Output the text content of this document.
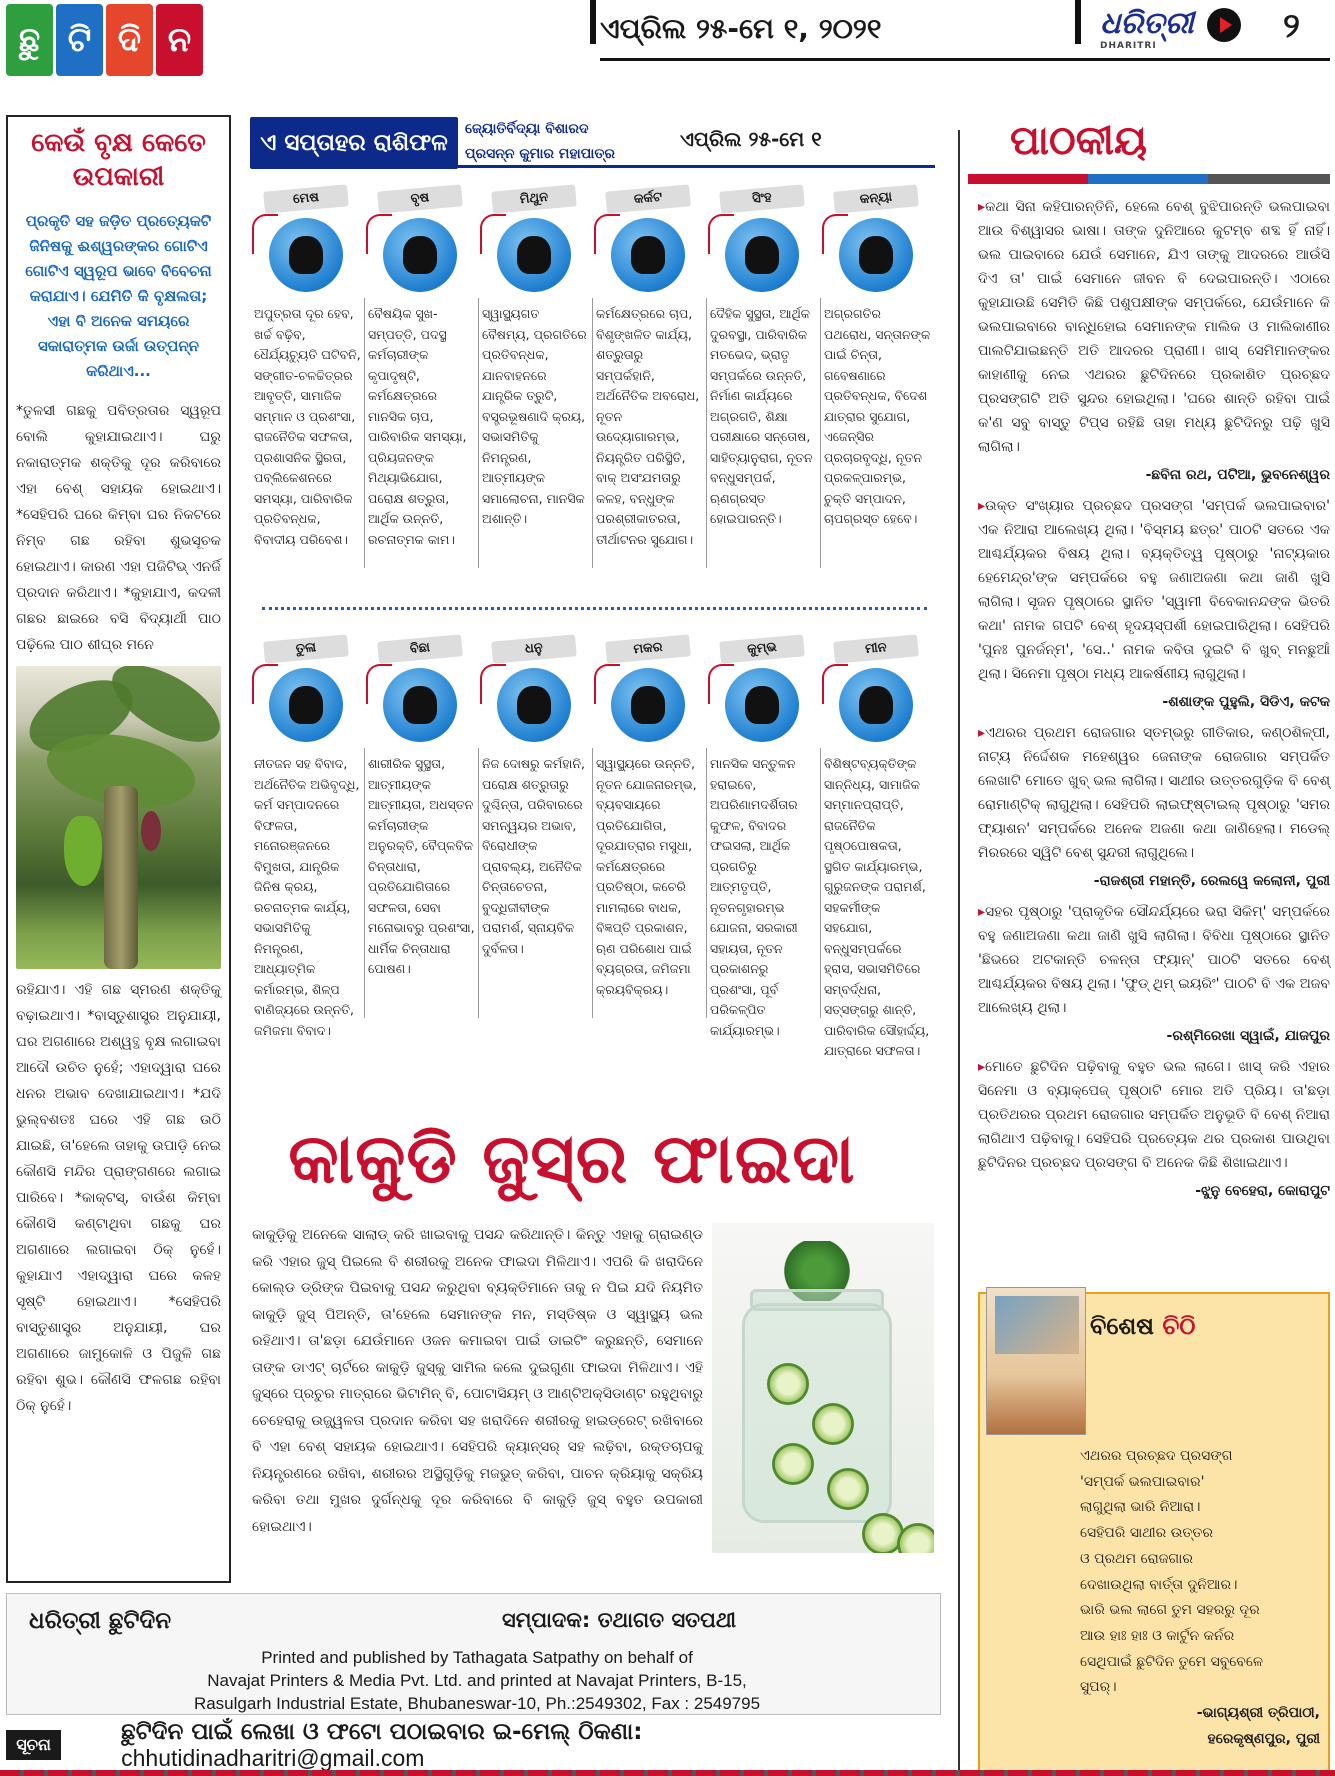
ଛୁ ଟି ଦି ନ	ଏପ୍ରିଲ ୨୫-ମେ ୧, ୨୦୨୧	ଧରିତ୍ରୀ
DHARITRI	୨
କେଉଁ ବୃକ୍ଷ କେତେ ଉପକାରୀ
ପ୍ରକୃତି ସହ ଜଡ଼ିତ ପ୍ରତ୍ୟେକଟି ଜିନିଷକୁ ଈଶ୍ୱରଙ୍କର ଗୋଟିଏ ଗୋଟିଏ ସ୍ୱରୂପ ଭାବେ ବିବେଚନା କରାଯାଏ। ଯେମିତି କି ବୃକ୍ଷଲତା; ଏହା ବି ଅନେକ ସମୟରେ ସକାରାତ୍ମକ ଉର୍ଜା ଉତ୍ପନ୍ନ କରିଥାଏ...
*ତୁଳସୀ ଗଛକୁ ପବିତ୍ରତାର ସ୍ୱରୂପ ବୋଲି କୁହାଯାଇଥାଏ। ଘରୁ ନକାରାତ୍ମକ ଶକ୍ତିକୁ ଦୂର କରିବାରେ ଏହା ବେଶ୍ ସହାୟକ ହୋଇଥାଏ। *ସେହିପରି ଘରେ କିମ୍ବା ଘର ନିକଟରେ ନିମ୍ବ ଗଛ ରହିବା ଶୁଭସୂଚକ ହୋଇଥାଏ। କାରଣ ଏହା ପଜିଟିଭ୍ ଏନର୍ଜି ପ୍ରଦାନ କରିଥାଏ। *କୁହାଯାଏ, କଦଳୀ ଗଛର ଛାଇରେ ବସି ବିଦ୍ୟାର୍ଥୀ ପାଠ ପଢ଼ିଲେ ପାଠ ଶୀଘ୍ର ମନେ
ରହିଯାଏ। ଏହି ଗଛ ସ୍ମରଣ ଶକ୍ତିକୁ ବଢ଼ାଇଥାଏ। *ବାସ୍ତୁଶାସ୍ତ୍ର ଅନୁଯାୟୀ, ଘର ଅଗଣାରେ ଅଶ୍ୱତ୍ଥ ବୃକ୍ଷ ଲଗାଇବା ଆଦୌ ଉଚିତ ନୁହେଁ; ଏହାଦ୍ୱାରା ଘରେ ଧନର ଅଭାବ ଦେଖାଯାଇଥାଏ। *ଯଦି ଭୁଲ୍‌ବଶତଃ ଘରେ ଏହି ଗଛ ଉଠି ଯାଇଛି, ତା'ହେଲେ ତାହାକୁ ଉପାଡ଼ି ନେଇ କୌଣସି ମନ୍ଦିର ପ୍ରାଙ୍ଗଣରେ ଲଗାଇ ପାରିବେ। *କାକ୍ଟସ୍, ବାଉଁଶ କିମ୍ବା କୌଣସି କଣ୍ଟାଥିବା ଗଛକୁ ଘର ଅଗଣାରେ ଲଗାଇବା ଠିକ୍ ନୁହେଁ। କୁହାଯାଏ ଏହାଦ୍ୱାରା ଘରେ କଳହ ସୃଷ୍ଟି ହୋଇଥାଏ। *ସେହିପରି ବାସ୍ତୁଶାସ୍ତ୍ର ଅନୁଯାୟୀ, ଘର ଅଗଣାରେ ଜାମୁକୋଳି ଓ ପିଜୁଳି ଗଛ ରହିବା ଶୁଭ। କୌଣସି ଫଳଗଛ ରହିବା ଠିକ୍ ନୁହେଁ।
ଏ ସପ୍ତାହର ରାଶିଫଳ
ଜ୍ୟୋତିର୍ବିଦ୍ୟା ବିଶାରଦ
ପ୍ରସନ୍ନ କୁମାର ମହାପାତ୍ର
ଏପ୍ରିଲ ୨୫-ମେ ୧
ମେଷ
ଅପୁତ୍ରତା ଦୂର ହେବ, ଖର୍ଚ୍ଚ ବଢ଼ିବ, ଧୈର୍ଯ୍ୟଚ୍ୟୁତି ଘଟିବନି, ସଙ୍ଗୀତ-ଚଳଚ୍ଚିତ୍ରର ଆବୃତ୍ତି, ସାମାଜିକ ସମ୍ମାନ ଓ ପ୍ରଶଂସା, ରାଜନୈତିକ ସଫଳତା, ପ୍ରଶାସନିକ ସ୍ଥିରତା, ପବ୍ଲିକେଶନରେ ସମସ୍ୟା, ପାରିବାରିକ ପ୍ରତିବନ୍ଧକ, ବିବାଦୀୟ ପରିବେଶ।
ବୃଷ
ବୈଷୟିକ ସୁଖ-ସମ୍ପତ୍ତି, ପଦସ୍ଥ କର୍ମଚାରୀଙ୍କ କୃପାଦୃଷ୍ଟି, କର୍ମକ୍ଷେତ୍ରରେ ମାନସିକ ଚାପ, ପାରିବାରିକ ସମସ୍ୟା, ପ୍ରିୟଜନଙ୍କ ମିଥ୍ୟାଭିଯୋଗ, ପରୋକ୍ଷ ଶତ୍ରୁତା, ଆର୍ଥିକ ଉନ୍ନତି, ରଚନାତ୍ମକ କାମ।
ମିଥୁନ
ସ୍ୱାସ୍ଥ୍ୟଗତ ବୈଷମ୍ୟ, ପ୍ରଗତିରେ ପ୍ରତିବନ୍ଧକ, ଯାନବାହନରେ ଯାନ୍ତ୍ରିକ ତ୍ରୁଟି, ବସ୍ତ୍ରଭୂଷଣାଦି କ୍ରୟ, ସଭାସମିତିକୁ ନିମନ୍ତ୍ରଣ, ଆତ୍ମୀୟଙ୍କ ସମାଲୋଚନା, ମାନସିକ ଅଶାନ୍ତି।
କର୍କଟ
କର୍ମକ୍ଷେତ୍ରରେ ଚାପ, ବିଶୃଙ୍ଖଳିତ କାର୍ଯ୍ୟ, ଶତ୍ରୁତାରୁ ସମ୍ପର୍କହାନି, ଅର୍ଥନୈତିକ ଅବରୋଧ, ନୂତନ ଉଦ୍ୟୋଗାରମ୍ଭ, ନିୟନ୍ତ୍ରିତ ପରିସ୍ଥିତି, ବାକ୍ ଅସଂଯମତାରୁ କଳହ, ବନ୍ଧୁଙ୍କ ପରଶ୍ରୀକାତରତା, ତୀର୍ଥାଟନର ସୁଯୋଗ।
ସିଂହ
ଦୈହିକ ସୁସ୍ଥତା, ଆର୍ଥିକ ଦୁରବସ୍ଥା, ପାରିବାରିକ ମତଭେଦ, ଭ୍ରାତୃ ସମ୍ପର୍କରେ ଉନ୍ନତି, ନିର୍ମାଣ କାର୍ଯ୍ୟରେ ଅଗ୍ରଗତି, ଶିକ୍ଷା ପରୀକ୍ଷାରେ ସନ୍ତୋଷ, ସାହିତ୍ୟାନୁରାଗ, ନୂତନ ବନ୍ଧୁସମ୍ପର୍କ, ଋଣଗ୍ରସ୍ତ ହୋଇପାରନ୍ତି।
କନ୍ୟା
ଅଗ୍ରଗତିର ପଥରୋଧ, ସନ୍ତାନଙ୍କ ପାଇଁ ଚିନ୍ତା, ଗବେଷଣାରେ ପ୍ରତିବନ୍ଧକ, ବିଦେଶ ଯାତ୍ରାର ସୁଯୋଗ, ଏଜେନ୍ସିର ପ୍ରଚାରବୃଦ୍ଧି, ନୂତନ ପ୍ରକଳ୍ପାରମ୍ଭ, ଚୁକ୍ତି ସମ୍ପାଦନ, ଚାପଗ୍ରସ୍ତ ହେବେ।
ତୁଳା
ନୀତଜନ ସହ ବିବାଦ, ଅର୍ଥନୈତିକ ଅଭିବୃଦ୍ଧି, କର୍ମ ସମ୍ପାଦନରେ ବିଫଳତା, ମନୋରଞ୍ଜନରେ ବିମୁଖତା, ଯାନ୍ତ୍ରିକ ଜିନିଷ କ୍ରୟ, ରଚନାତ୍ମକ କାର୍ଯ୍ୟ, ସଭାସମିତିକୁ ନିମନ୍ତ୍ରଣ, ଆଧ୍ୟାତ୍ମିକ କର୍ମାରମ୍ଭ, ଶିଳ୍ପ ବାଣିଜ୍ୟରେ ଉନ୍ନତି, ଜମିଜମା ବିବାଦ।
ବିଛା
ଶାରୀରିକ ସୁସ୍ଥତା, ଆତ୍ମୀୟଙ୍କ ଆତ୍ମୀୟତା, ଅଧସ୍ତନ କର୍ମଚାରୀଙ୍କ ଅନୁରକ୍ତି, ବୈପ୍ଳବିକ ଚିନ୍ତାଧାରା, ପ୍ରତିଯୋଗିତାରେ ସଫଳତା, ସେବା ମନୋଭାବରୁ ପ୍ରଶଂସା, ଧାର୍ମିକ ଚିନ୍ତାଧାରା ପୋଷଣ।
ଧନୁ
ନିଜ ଦୋଷରୁ କର୍ମହାନି, ପରୋକ୍ଷ ଶତ୍ରୁତାରୁ ଦୁଶ୍ଚିନ୍ତା, ପରିବାରରେ ସମନ୍ୱୟର ଅଭାବ, ବିରୋଧୀଙ୍କ ପ୍ରାବଲ୍ୟ, ଅନୈତିକ ଚିନ୍ତାଚେତନା, ବୁଦ୍ଧିଜୀବୀଙ୍କ ପରାମର୍ଶ, ସ୍ନାୟବିକ ଦୁର୍ବଳତା।
ମକର
ସ୍ୱାସ୍ଥ୍ୟରେ ଉନ୍ନତି, ନୂତନ ଯୋଜନାରମ୍ଭ, ବ୍ୟବସାୟରେ ପ୍ରତିଯୋଗିତା, ଦୂରଯାତ୍ରାର ମସୁଧା, କର୍ମକ୍ଷେତ୍ରରେ ପ୍ରତିଷ୍ଠା, କଚେରି ମାମଲାରେ ବାଧକ, ବିଜ୍ଞପ୍ତି ପ୍ରକାଶନ, ଋଣ ପରିଶୋଧ ପାଇଁ ବ୍ୟଗ୍ରତା, ଜମିଜମା କ୍ରୟବିକ୍ରୟ।
କୁମ୍ଭ
ମାନସିକ ସନ୍ତୁଳନ ହରାଇବେ, ଅପରିଣାମଦର୍ଶିତାର କୁଫଳ, ବିବାଦର ଫଇସଲା, ଆର୍ଥିକ ପ୍ରଗତିରୁ ଆତ୍ମତୃପ୍ତି, ନୂତନଗୃହାରମ୍ଭ ଯୋଜନା, ସରକାରୀ ସହାୟତା, ନୂତନ ପ୍ରକାଶନରୁ ପ୍ରଶଂସା, ପୂର୍ବ ପରିକଳ୍ପିତ କାର୍ଯ୍ୟାରମ୍ଭ।
ମୀନ
ବିଶିଷ୍ଟବ୍ୟକ୍ତିଙ୍କ ସାନ୍ନିଧ୍ୟ, ସାମାଜିକ ସମ୍ମାନପ୍ରାପ୍ତି, ରାଜନୈତିକ ପୃଷ୍ଠପୋଷକତା, ସ୍ଥଗିତ କାର୍ଯ୍ୟାରମ୍ଭ, ଗୁରୁଜନଙ୍କ ପରାମର୍ଶ, ସହକର୍ମୀଙ୍କ ସହଯୋଗ, ବନ୍ଧୁସମ୍ପର୍କରେ ହ୍ରାସ, ସଭାସମିତିରେ ସମ୍ବର୍ଦ୍ଧନା, ସତ୍‌ସଙ୍ଗରୁ ଶାନ୍ତି, ପାରିବାରିକ ସୌହାର୍ଦ୍ଦ୍ୟ, ଯାତ୍ରାରେ ସଫଳତା।
କାକୁଡି ଜୁସ୍‌ର ଫାଇଦା
କାକୁଡ଼ିକୁ ଅନେକେ ସାଲାଡ୍ କରି ଖାଇବାକୁ ପସନ୍ଦ କରିଥାନ୍ତି। କିନ୍ତୁ ଏହାକୁ ଗ୍ରାଇଣ୍ଡ କରି ଏହାର ଜୁସ୍ ପିଇଲେ ବି ଶରୀରକୁ ଅନେକ ଫାଇଦା ମିଳିଥାଏ। ଏପରି କି ଖରାଦିନେ କୋଲ୍ଡ ଡ୍ରିଙ୍କ ପିଇବାକୁ ପସନ୍ଦ କରୁଥିବା ବ୍ୟକ୍ତିମାନେ ତାକୁ ନ ପିଇ ଯଦି ନିୟମିତ କାକୁଡ଼ି ଜୁସ୍ ପିଅନ୍ତି, ତା'ହେଲେ ସେମାନଙ୍କ ମନ, ମସ୍ତିଷ୍କ ଓ ସ୍ୱାସ୍ଥ୍ୟ ଭଲ ରହିଥାଏ। ତା'ଛଡ଼ା ଯେଉଁମାନେ ଓଜନ କମାଇବା ପାଇଁ ଡାଇଟିଂ କରୁଛନ୍ତି, ସେମାନେ ତାଙ୍କ ଡାଏଟ୍ ଚାର୍ଟରେ କାକୁଡ଼ି ଜୁସ୍‌କୁ ସାମିଲ କଲେ ଦୁଇଗୁଣା ଫାଇଦା ମିଳିଥାଏ। ଏହି ଜୁସ୍‌ରେ ପ୍ରଚୁର ମାତ୍ରାରେ ଭିଟାମିନ୍ ବି, ପୋଟାସିୟମ୍ ଓ ଆଣ୍ଟିଅକ୍ସିଡାଣ୍ଟ ରହୁଥିବାରୁ ଚେହେରାକୁ ଉଜ୍ଜ୍ୱଳତା ପ୍ରଦାନ କରିବା ସହ ଖରାଦିନେ ଶରୀରକୁ ହାଇଡ୍ରେଟ୍ ରଖିବାରେ ବି ଏହା ବେଶ୍ ସହାୟକ ହୋଇଥାଏ। ସେହିପରି କ୍ୟାନ୍ସର୍ ସହ ଲଢ଼ିବା, ରକ୍ତଚାପକୁ ନିୟନ୍ତ୍ରଣରେ ରଖିବା, ଶରୀରର ଅସ୍ଥିଗୁଡ଼ିକୁ ମଜଭୁତ୍ କରିବା, ପାଚନ କ୍ରିୟାକୁ ସକ୍ରିୟ କରିବା ତଥା ମୁଖର ଦୁର୍ଗନ୍ଧକୁ ଦୂର କରିବାରେ ବି କାକୁଡ଼ି ଜୁସ୍ ବହୁତ ଉପକାରୀ ହୋଇଥାଏ।
ପାଠକୀୟ

▸କଥା ସିନା କହିପାରନ୍ତିନି, ହେଲେ ବେଶ୍ ବୁଝିପାରନ୍ତି ଭଲପାଇବା ଆଉ ବିଶ୍ୱାସର ଭାଷା। ତାଙ୍କ ଦୁନିଆରେ କୁଟମ୍ବ ଶବ୍ଦ ହିଁ ନାହିଁ। ଭଲ ପାଇବାରେ ଯେଉଁ ସେମାନେ, ଯିଏ ତାଙ୍କୁ ଆଦରରେ ଆଉଁସି ଦିଏ ତା' ପାଇଁ ସେମାନେ ଜୀବନ ବି ଦେଇପାରନ୍ତି। ଏଠାରେ କୁହାଯାଉଛି ସେମିତି କିଛି ପଶୁପକ୍ଷୀଙ୍କ ସମ୍ପର୍କରେ, ଯେଉଁମାନେ କି ଭଲପାଇବାରେ ବାନ୍ଧିହୋଇ ସେମାନଙ୍କ ମାଲିକ ଓ ମାଲିକାଣୀର ପାଲଟିଯାଇଛନ୍ତି ଅତି ଆଦରର ପ୍ରାଣୀ। ଖାସ୍ ସେମିମାନଙ୍କର କାହାଣୀକୁ ନେଇ ଏଥରର ଛୁଟିଦିନରେ ପ୍ରକାଶିତ ପ୍ରଚ୍ଛଦ ପ୍ରସଙ୍ଗଟି ଅତି ସୁନ୍ଦର ହୋଇଥିଲା। 'ଘରେ ଶାନ୍ତି ରହିବା ପାଇଁ କ'ଣ ସବୁ ବାସ୍ତୁ ଟିପ୍ସ ରହିଛି ତାହା ମଧ୍ୟ ଛୁଟିଦିନରୁ ପଢ଼ି ଖୁସି ଲାଗିଲା।

-ଛବିନା ରଥ, ପଟିଆ, ଭୁବନେଶ୍ୱର

▸ଉକ୍ତ ସଂଖ୍ୟାର ପ୍ରଚ୍ଛଦ ପ୍ରସଙ୍ଗ 'ସମ୍ପର୍କ ଭଲପାଇବାର' ଏକ ନିଆରା ଆଲେଖ୍ୟ ଥିଲା। 'ବିସ୍ମୟ ଛତ୍ର' ପାଠଟି ସତରେ ଏକ ଆଶ୍ଚର୍ଯ୍ୟକର ବିଷୟ ଥିଲା। ବ୍ୟକ୍ତିତ୍ୱ ପୃଷ୍ଠାରୁ 'ନାଟ୍ୟକାର ହେମେନ୍ଦ୍ର'ଙ୍କ ସମ୍ପର୍କରେ ବହୁ ଜଣାଅଜଣା କଥା ଜାଣି ଖୁସି ଲାଗିଲା। ସୃଜନ ପୃଷ୍ଠାରେ ସ୍ଥାନିତ 'ସ୍ୱାମୀ ବିବେକାନନ୍ଦଙ୍କ ଭିତରି କଥା' ନାମକ ଗପଟି ବେଶ୍ ହୃଦୟସ୍ପର୍ଶୀ ହୋଇପାରିଥିଲା। ସେହିପରି 'ପୁନଃ ପୁନର୍ଜନ୍ମ', 'ସେ..' ନାମକ କବିତା ଦୁଇଟି ବି ଖୁବ୍ ମନଛୁଆଁ ଥିଲା। ସିନେମା ପୃଷ୍ଠା ମଧ୍ୟ ଆକର୍ଷଣୀୟ ଲାଗୁଥିଲା।

-ଶଶାଙ୍କ ପୁହୁଲି, ସିଡିଏ, କଟକ

▸ଏଥରର ପ୍ରଥମ ରୋଜଗାର ସ୍ତମ୍ଭରୁ ଗୀତିକାର, କଣ୍ଠଶିଳ୍ପୀ, ନାଟ୍ୟ ନିର୍ଦ୍ଦେଶକ ମହେଶ୍ୱର ଜେନାଙ୍କ ରୋଜଗାର ସମ୍ପର୍କିତ ଲେଖାଟି ମୋତେ ଖୁବ୍ ଭଲ ଲାଗିଲା। ସାଥୀର ଉତ୍ତରଗୁଡ଼ିକ ବି ବେଶ୍ ରୋମାଣ୍ଟିକ୍ ଲାଗୁଥିଲା। ସେହିପରି ଲାଇଫ୍‌ଷ୍ଟାଇଲ୍ ପୃଷ୍ଠାରୁ 'ସମର ଫ୍ୟାଶନ' ସମ୍ପର୍କରେ ଅନେକ ଅଜଣା କଥା ଜାଣିହେଲା। ମଡେଲ୍ ମିରରରେ ସ୍ୱିଟି ବେଶ୍ ସୁନ୍ଦରୀ ଲାଗୁଥିଲେ।

-ରାଜଶ୍ରୀ ମହାନ୍ତି, ରେଲୱେ କଲୋନୀ, ପୁରୀ

▸ସହର ପୃଷ୍ଠାରୁ 'ପ୍ରାକୃତିକ ସୌନ୍ଦର୍ଯ୍ୟରେ ଭରା ସିକିମ୍' ସମ୍ପର୍କରେ ବହୁ ଜଣାଅଜଣା କଥା ଜାଣି ଖୁସି ଲାଗିଲା। ବିବିଧା ପୃଷ୍ଠାରେ ସ୍ଥାନିତ 'ଛିଭରେ ଅଟକାନ୍ତି ଚଳନ୍ତା ଫ୍ୟାନ୍' ପାଠଟି ସତରେ ବେଶ୍ ଆଶ୍ଚର୍ଯ୍ୟକର ବିଷୟ ଥିଲା। 'ଫୁଡ୍ ଥିମ୍ ଇୟରିଂ' ପାଠଟି ବି ଏକ ଅଜବ ଆଲେଖ୍ୟ ଥିଲା।

-ରଶ୍ମିରେଖା ସ୍ୱାଇଁ, ଯାଜପୁର

▸ମୋତେ ଛୁଟିଦିନ ପଢ଼ିବାକୁ ବହୁତ ଭଲ ଲାଗେ। ଖାସ୍ କରି ଏହାର ସିନେମା ଓ ବ୍ୟାକ୍‌ପେଜ୍ ପୃଷ୍ଠାଟି ମୋର ଅତି ପ୍ରିୟ। ତା'ଛଡ଼ା ପ୍ରତିଥରର ପ୍ରଥମ ରୋଜଗାର ସମ୍ପର୍କିତ ଅନୁଭୂତି ବି ବେଶ୍ ନିଆରା ଲାଗିଥାଏ ପଢ଼ିବାକୁ। ସେହିପରି ପ୍ରତ୍ୟେକ ଥର ପ୍ରକାଶ ପାଉଥିବା ଛୁଟିଦିନର ପ୍ରଚ୍ଛଦ ପ୍ରସଙ୍ଗ ବି ଅନେକ କିଛି ଶିଖାଇଥାଏ।

-ଝୁନୁ ବେହେରା, କୋରାପୁଟ
ବିଶେଷ ଚିଠି
ଏଥରର ପ୍ରଚ୍ଛଦ ପ୍ରସଙ୍ଗ
'ସମ୍ପର୍କ ଭଲପାଇବାର'
ଲାଗୁଥିଲା ଭାରି ନିଆରା।
ସେହିପରି ସାଥୀର ଉତ୍ତର
ଓ ପ୍ରଥମ ରୋଜଗାର
ଦେଖାଉଥିଲା ବାର୍ତ୍ତା ଦୁନିଆର।
ଭାରି ଭଲ ଲାଗେ ତୁମ ସହରରୁ ଦୂର
ଆଉ ହାଃ ହାଃ ଓ କାର୍ଟୁନ କର୍ନର
ସେଥିପାଇଁ ଛୁଟିଦିନ ତୁମେ ସବୁବେଳେ
ସୁପର୍।
-ଭାଗ୍ୟଶ୍ରୀ ତ୍ରିପାଠୀ,
ହରେକୃଷ୍ଣପୁର, ପୁରୀ
ଧରିତ୍ରୀ ଛୁଟିଦିନ	ସମ୍ପାଦକ: ତଥାଗତ ସତପଥୀ
Printed and published by Tathagata Satpathy on behalf of
Navajat Printers & Media Pvt. Ltd. and printed at Navajat Printers, B-15,
Rasulgarh Industrial Estate, Bhubaneswar-10, Ph.:2549302, Fax : 2549795
ସୂଚନା	ଛୁଟିଦିନ ପାଇଁ ଲେଖା ଓ ଫଟୋ ପଠାଇବାର ଇ-ମେଲ୍ ଠିକଣା: chhutidinadharitri@gmail.com
